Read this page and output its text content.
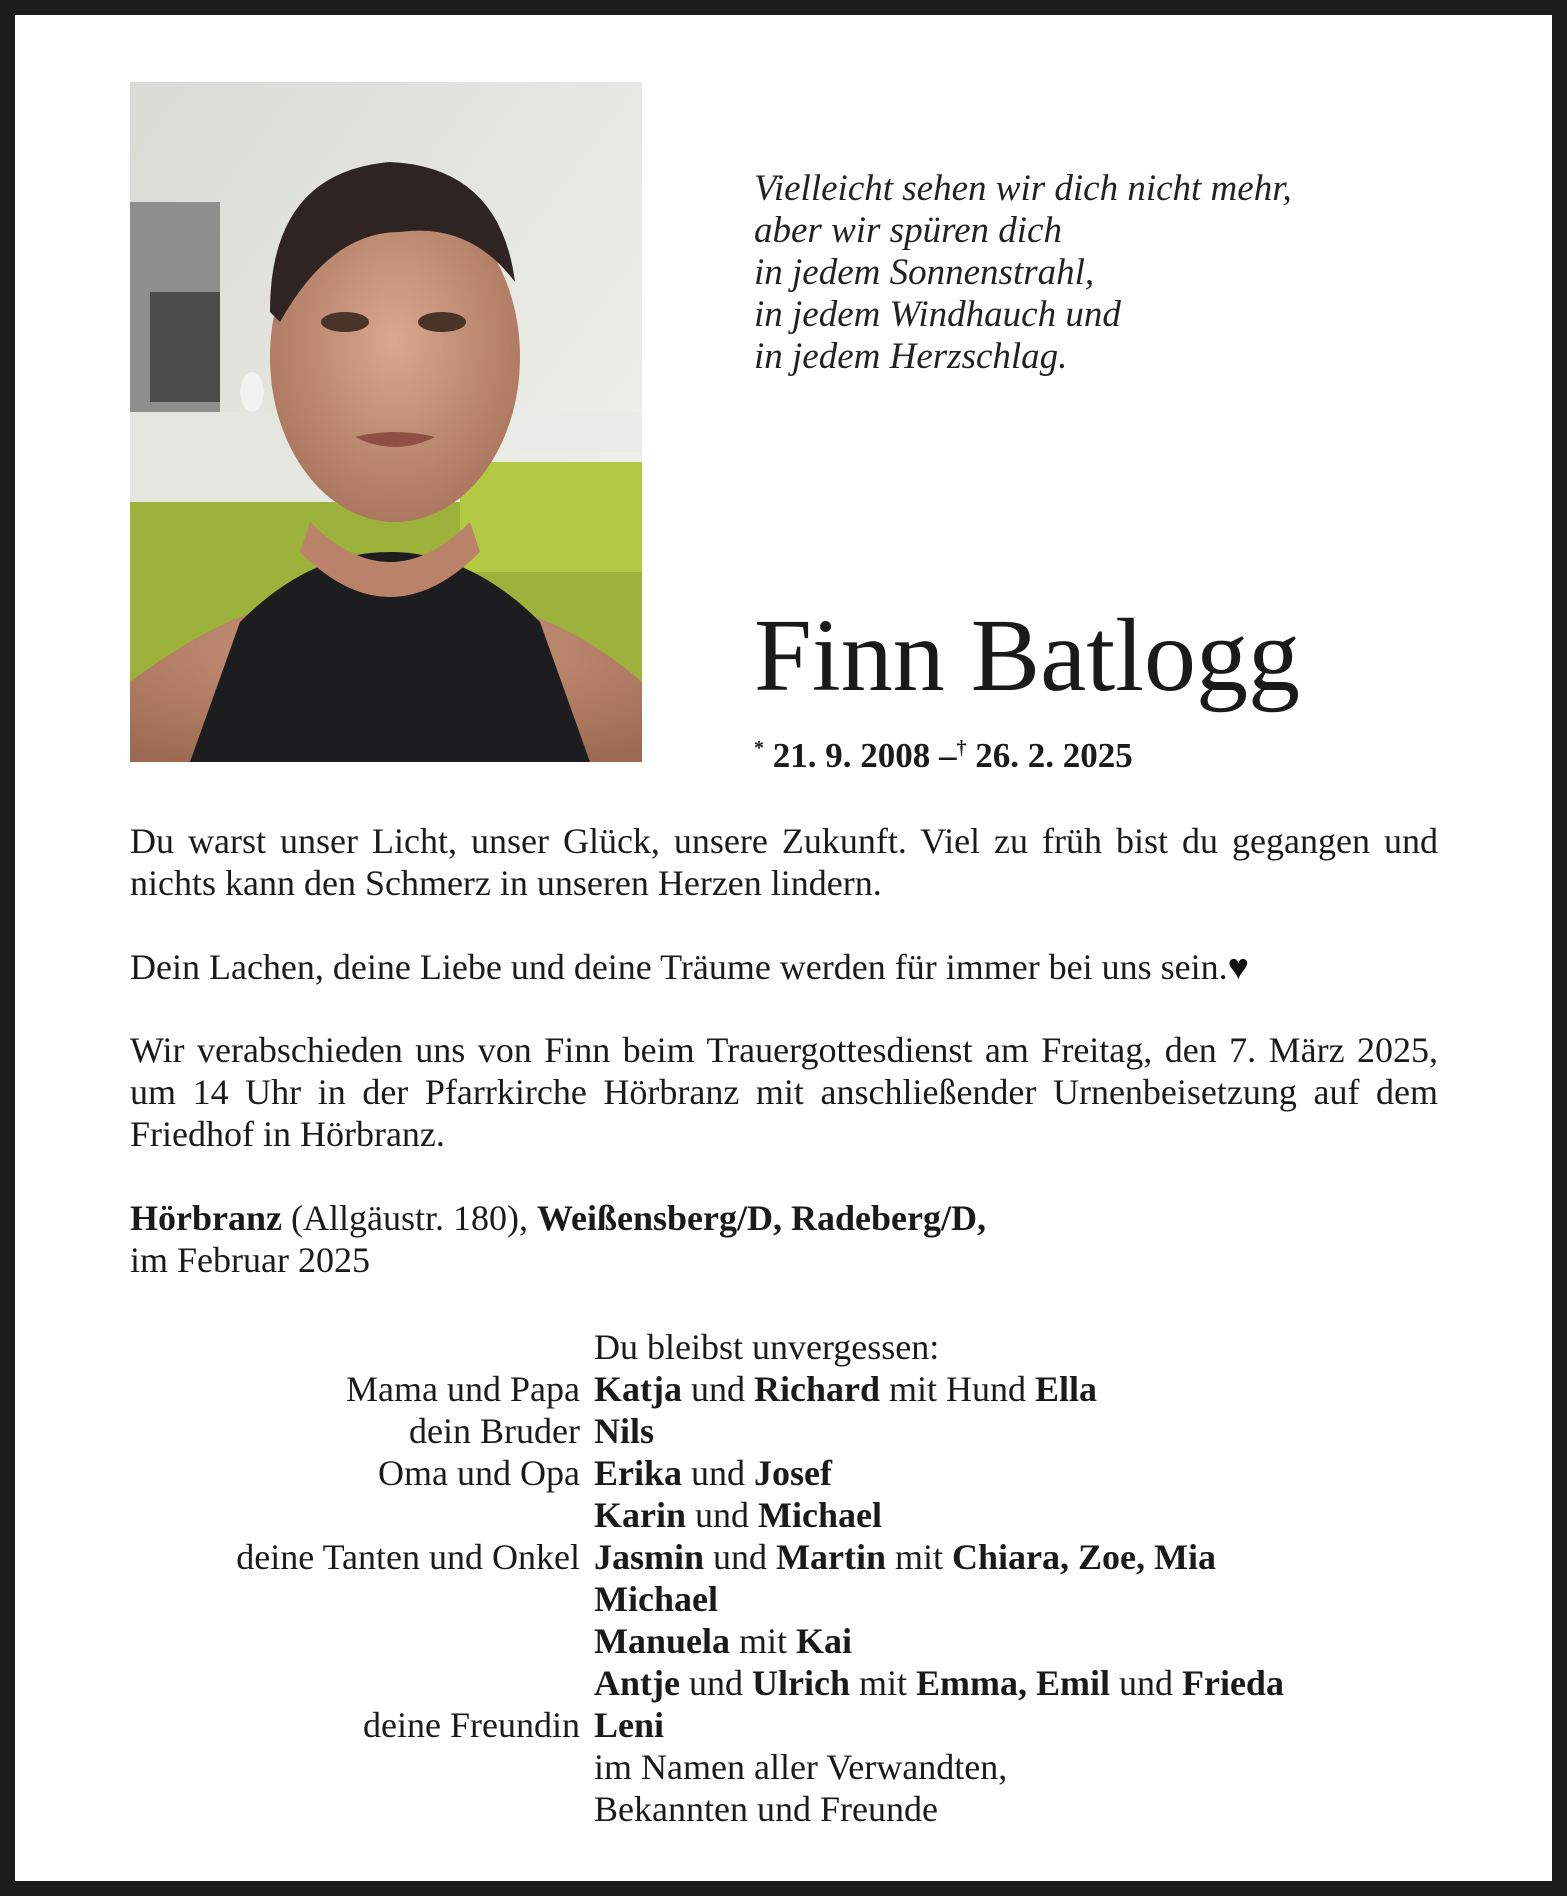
Vielleicht sehen wir dich nicht mehr,
aber wir spüren dich
in jedem Sonnenstrahl,
in jedem Windhauch und
in jedem Herzschlag.
Finn Batlogg
* 21. 9. 2008 –† 26. 2. 2025
Du warst unser Licht, unser Glück, unsere Zukunft. Viel zu früh bist du gegangen und nichts kann den Schmerz in unseren Herzen lindern.
Dein Lachen, deine Liebe und deine Träume werden für immer bei uns sein.♥
Wir verabschieden uns von Finn beim Trauergottesdienst am Freitag, den 7. März 2025, um 14 Uhr in der Pfarrkirche Hörbranz mit anschließender Urnenbeisetzung auf dem Friedhof in Hörbranz.
Hörbranz (Allgäustr. 180), Weißensberg/D, Radeberg/D,
im Februar 2025
Du bleibst unvergessen:
Mama und Papa Katja und Richard mit Hund Ella
dein Bruder Nils
Oma und Opa Erika und Josef
Karin und Michael
deine Tanten und Onkel Jasmin und Martin mit Chiara, Zoe, Mia
Michael
Manuela mit Kai
Antje und Ulrich mit Emma, Emil und Frieda
deine Freundin Leni
im Namen aller Verwandten,
Bekannten und Freunde
